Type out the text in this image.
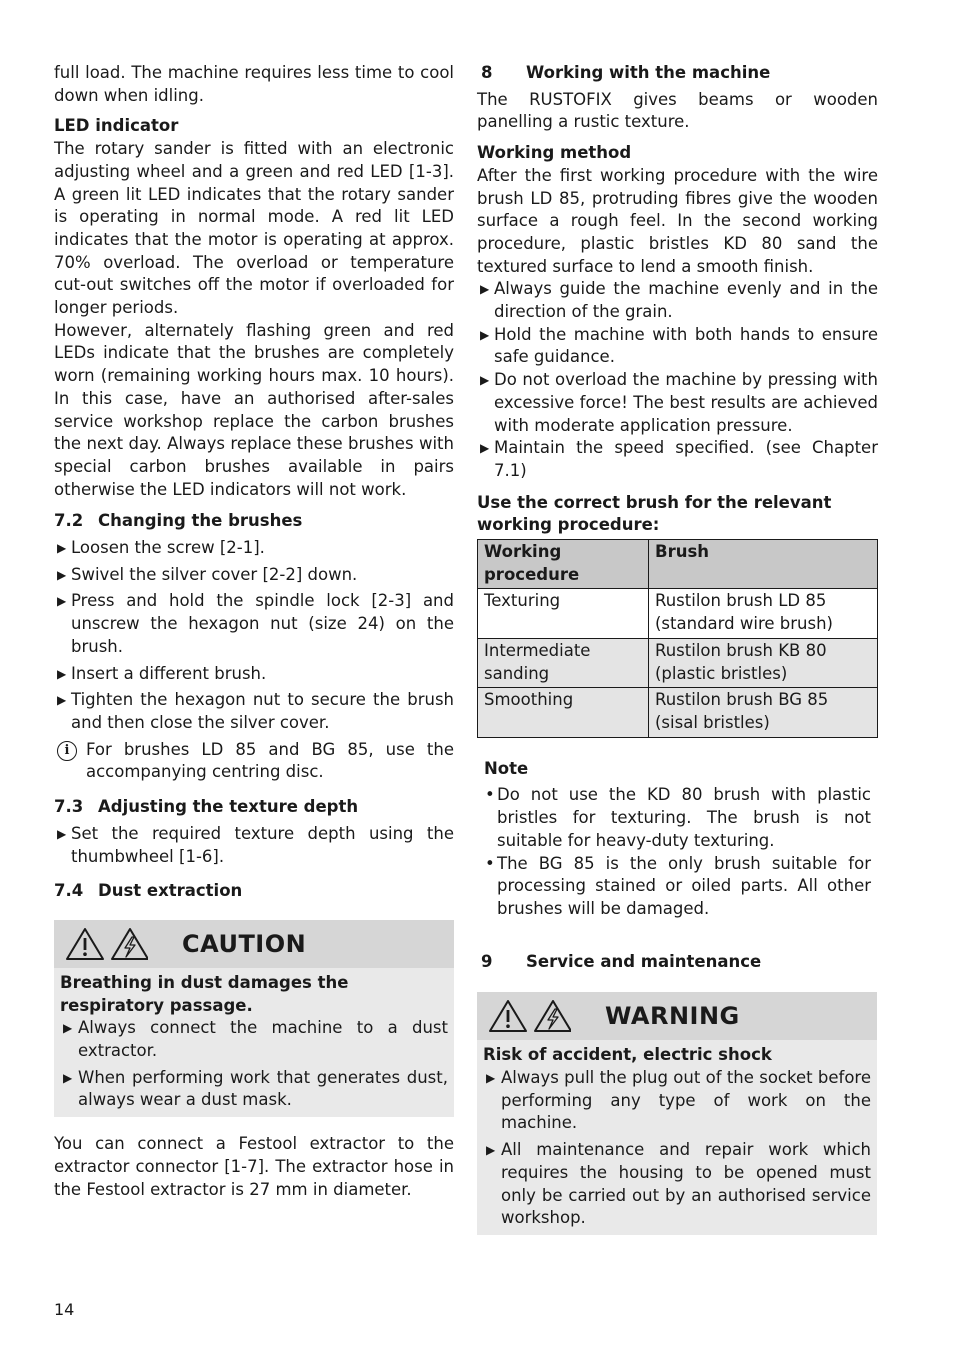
full load. The machine requires less time to cool down when idling.

LED indicator

The rotary sander is fitted with an electronic adjusting wheel and a green and red LED [1-3]. A green lit LED indicates that the rotary sander is operating in normal mode. A red lit LED indicates that the motor is operating at approx. 70% overload. The overload or temperature cut-out switches off the motor if overloaded for longer periods.

However, alternately flashing green and red LEDs indicate that the brushes are completely worn (remaining working hours max. 10 hours). In this case, have an authorised after-sales service workshop replace the carbon brushes the next day. Always replace these brushes with special carbon brushes available in pairs otherwise the LED indicators will not work.

7.2 Changing the brushes
▶ Loosen the screw [2-1].
▶ Swivel the silver cover [2-2] down.
▶ Press and hold the spindle lock [2-3] and unscrew the hexagon nut (size 24) on the brush.
▶ Insert a different brush.
▶ Tighten the hexagon nut to secure the brush and then close the silver cover.
i	For brushes LD 85 and BG 85, use the accompanying centring disc.
7.3 Adjusting the texture depth
▶ Set the required texture depth using the thumbwheel [1-6].
7.4 Dust extraction
CAUTION

Breathing in dust damages the respiratory passage.

▶ Always connect the machine to a dust extractor.
▶ When performing work that generates dust, always wear a dust mask.

You can connect a Festool extractor to the extractor connector [1-7]. The extractor hose in the Festool extractor is 27 mm in diameter.

8	Working with the machine

The RUSTOFIX gives beams or wooden panelling a rustic texture.

Working method

After the first working procedure with the wire brush LD 85, protruding fibres give the wooden surface a rough feel. In the second working procedure, plastic bristles KD 80 sand the textured surface to lend a smooth finish.

▶ Always guide the machine evenly and in the direction of the grain.
▶ Hold the machine with both hands to ensure safe guidance.
▶ Do not overload the machine by pressing with excessive force! The best results are achieved with moderate application pressure.
▶ Maintain the speed specified. (see Chapter 7.1)

Use the correct brush for the relevant working procedure:

Working procedure	Brush
Texturing	Rustilon brush LD 85 (standard wire brush)
Intermediate sanding	Rustilon brush KB 80 (plastic bristles)
Smoothing	Rustilon brush BG 85 (sisal bristles)

Note

• Do not use the KD 80 brush with plastic bristles for texturing. The brush is not suitable for heavy-duty texturing.
• The BG 85 is the only brush suitable for processing stained or oiled parts. All other brushes will be damaged.
9	Service and maintenance
WARNING

Risk of accident, electric shock

▶ Always pull the plug out of the socket before performing any type of work on the machine.
▶ All maintenance and repair work which requires the housing to be opened must only be carried out by an authorised service workshop.
14
